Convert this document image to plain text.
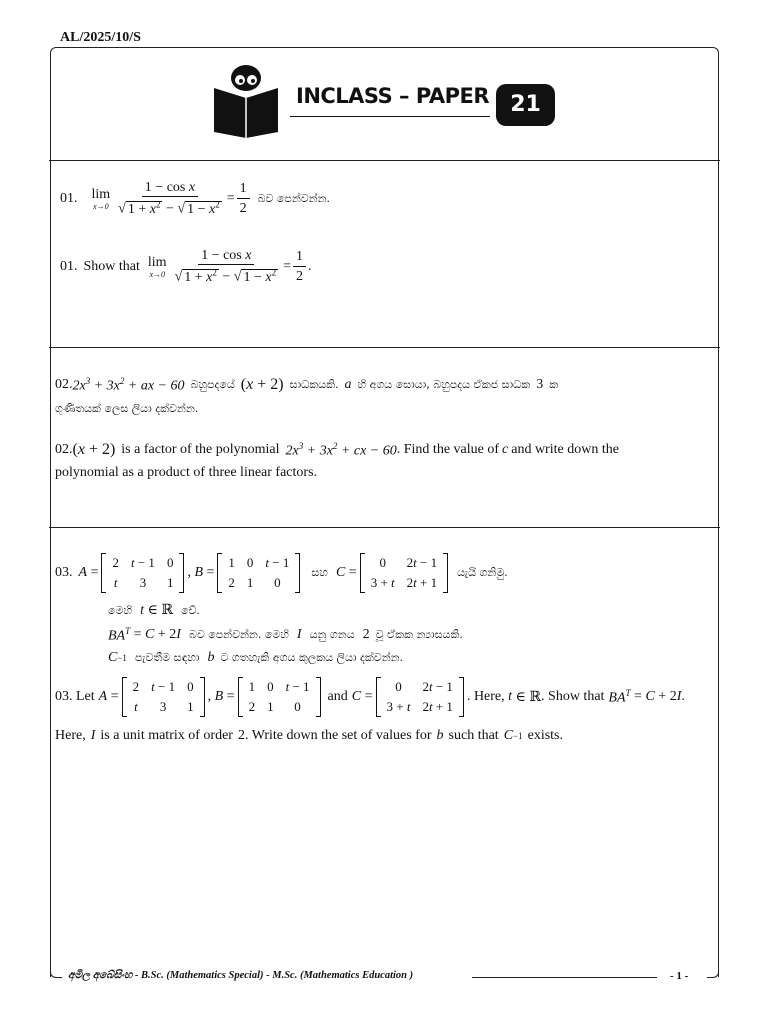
AL/2025/10/S
INCLASS – PAPER 21
01. lim
$x\to 0 \frac{\text{1 − cos x}}{√ 1 + x^2 - √ 1 - x^2} = \frac{1}{2}$ බව පෙන්වන්න.
01. Show that lim
$x\to 0 \frac{\text{1 − cos x}}{√ 1 + x^2 - √ 1 - x^2} = \frac{1}{2}$ .
02. $2x^3 + 3x^2$ + ax − 60 බහුපදයේ (x + 2) සාධකයකි. a හි අගය සොයා, බහුපදය ඒකජ සාධක 3 ක
ගුණිතයක් ලෙස ලියා දක්වන්න.
02. (x + 2) is a factor of the polynomial $2x^3 + 3x^2$ + cx − 60 . Find the value of c and write down the
polynomial as a product of three linear factors.
03. A =
2	t − 1	0
t	3	1
, B =
1	0	t − 1
2	1	0
සහ C =
0	2t − 1
3 + t	2t + 1
යැයි ගනිමු.
මෙහි t ∈ ℝ වේ.
$BA^T = C + 2$ I බව පෙන්වන්න. මෙහි I යනු ගනය 2 වූ ඒකක න්‍යාසයකි.
C −1 පැවතීම සඳහා b ට ගතහැකි අගය කුලකය ලියා දක්වන්න.
03. Let A =
2	t − 1	0
t	3	1
, B =
1	0	t − 1
2	1	0
and C =
0	2t − 1
3 + t	2t + 1
. Here,
t ∈ ℝ . Show that $BA^T = C + 2$ I .
Here, I is a unit matrix of order 2 . Write down the set of values for b such that C −1 exists.
අමිල අබේසිංහ - B.Sc. (Mathematics Special) - M.Sc. (Mathematics Education )	- 1 -
